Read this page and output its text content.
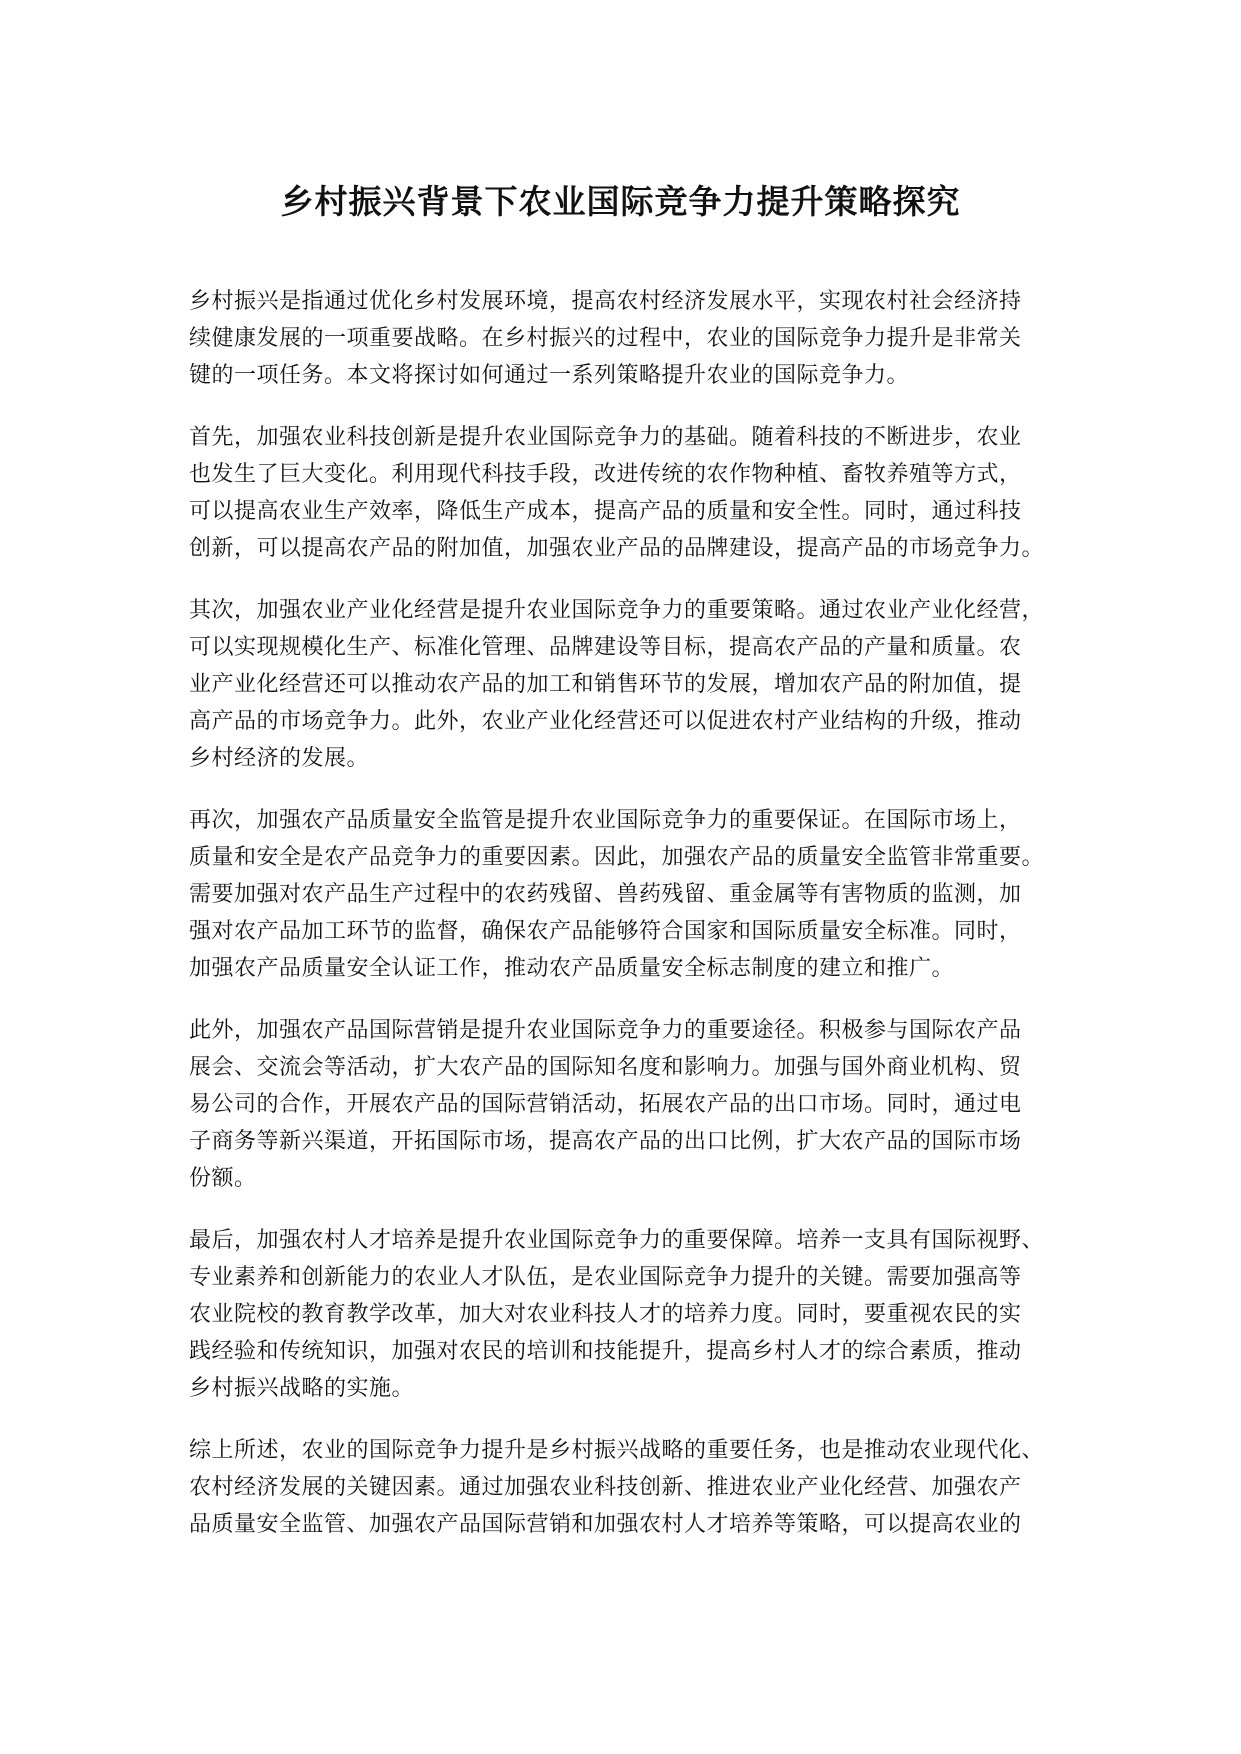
乡村振兴背景下农业国际竞争力提升策略探究

乡村振兴是指通过优化乡村发展环境，提高农村经济发展水平，实现农村社会经济持
续健康发展的一项重要战略。在乡村振兴的过程中，农业的国际竞争力提升是非常关
键的一项任务。本文将探讨如何通过一系列策略提升农业的国际竞争力。

首先，加强农业科技创新是提升农业国际竞争力的基础。随着科技的不断进步，农业
也发生了巨大变化。利用现代科技手段，改进传统的农作物种植、畜牧养殖等方式，
可以提高农业生产效率，降低生产成本，提高产品的质量和安全性。同时，通过科技
创新，可以提高农产品的附加值，加强农业产品的品牌建设，提高产品的市场竞争力。

其次，加强农业产业化经营是提升农业国际竞争力的重要策略。通过农业产业化经营，
可以实现规模化生产、标准化管理、品牌建设等目标，提高农产品的产量和质量。农
业产业化经营还可以推动农产品的加工和销售环节的发展，增加农产品的附加值，提
高产品的市场竞争力。此外，农业产业化经营还可以促进农村产业结构的升级，推动
乡村经济的发展。

再次，加强农产品质量安全监管是提升农业国际竞争力的重要保证。在国际市场上，
质量和安全是农产品竞争力的重要因素。因此，加强农产品的质量安全监管非常重要。
需要加强对农产品生产过程中的农药残留、兽药残留、重金属等有害物质的监测，加
强对农产品加工环节的监督，确保农产品能够符合国家和国际质量安全标准。同时，
加强农产品质量安全认证工作，推动农产品质量安全标志制度的建立和推广。

此外，加强农产品国际营销是提升农业国际竞争力的重要途径。积极参与国际农产品
展会、交流会等活动，扩大农产品的国际知名度和影响力。加强与国外商业机构、贸
易公司的合作，开展农产品的国际营销活动，拓展农产品的出口市场。同时，通过电
子商务等新兴渠道，开拓国际市场，提高农产品的出口比例，扩大农产品的国际市场
份额。

最后，加强农村人才培养是提升农业国际竞争力的重要保障。培养一支具有国际视野、
专业素养和创新能力的农业人才队伍，是农业国际竞争力提升的关键。需要加强高等
农业院校的教育教学改革，加大对农业科技人才的培养力度。同时，要重视农民的实
践经验和传统知识，加强对农民的培训和技能提升，提高乡村人才的综合素质，推动
乡村振兴战略的实施。

综上所述，农业的国际竞争力提升是乡村振兴战略的重要任务，也是推动农业现代化、
农村经济发展的关键因素。通过加强农业科技创新、推进农业产业化经营、加强农产
品质量安全监管、加强农产品国际营销和加强农村人才培养等策略，可以提高农业的
